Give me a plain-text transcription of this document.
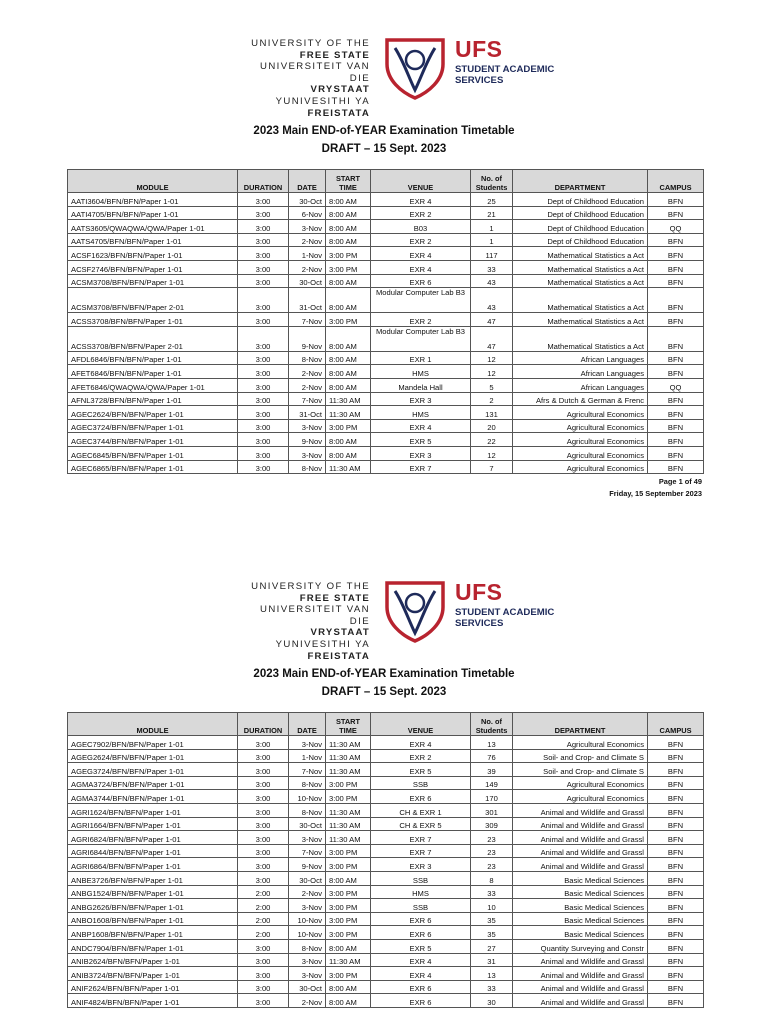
UNIVERSITY OF THE
FREE STATE
UNIVERSITEIT VAN DIE
VRYSTAAT
YUNIVESITHI YA
FREISTATA
UFS
STUDENT ACADEMIC
SERVICES
2023 Main END-of-YEAR Examination Timetable
DRAFT – 15 Sept. 2023
MODULE	DURATION	DATE	START
TIME	VENUE	No. of
Students	DEPARTMENT	CAMPUS
AATI3604/BFN/BFN/Paper 1-01	3:00	30-Oct	8:00 AM	EXR 4	25	Dept of Childhood Education	BFN
AATI4705/BFN/BFN/Paper 1-01	3:00	6-Nov	8:00 AM	EXR 2	21	Dept of Childhood Education	BFN
AATS3605/QWAQWA/QWA/Paper 1-01	3:00	3-Nov	8:00 AM	B03	1	Dept of Childhood Education	QQ
AATS4705/BFN/BFN/Paper 1-01	3:00	2-Nov	8:00 AM	EXR 2	1	Dept of Childhood Education	BFN
ACSF1623/BFN/BFN/Paper 1-01	3:00	1-Nov	3:00 PM	EXR 4	117	Mathematical Statistics a Act	BFN
ACSF2746/BFN/BFN/Paper 1-01	3:00	2-Nov	3:00 PM	EXR 4	33	Mathematical Statistics a Act	BFN
ACSM3708/BFN/BFN/Paper 1-01	3:00	30-Oct	8:00 AM	EXR 6	43	Mathematical Statistics a Act	BFN
ACSM3708/BFN/BFN/Paper 2-01	3:00	31-Oct	8:00 AM	Modular Computer Lab B3	43	Mathematical Statistics a Act	BFN
ACSS3708/BFN/BFN/Paper 1-01	3:00	7-Nov	3:00 PM	EXR 2	47	Mathematical Statistics a Act	BFN
ACSS3708/BFN/BFN/Paper 2-01	3:00	9-Nov	8:00 AM	Modular Computer Lab B3	47	Mathematical Statistics a Act	BFN
AFDL6846/BFN/BFN/Paper 1-01	3:00	8-Nov	8:00 AM	EXR 1	12	African Languages	BFN
AFET6846/BFN/BFN/Paper 1-01	3:00	2-Nov	8:00 AM	HMS	12	African Languages	BFN
AFET6846/QWAQWA/QWA/Paper 1-01	3:00	2-Nov	8:00 AM	Mandela Hall	5	African Languages	QQ
AFNL3728/BFN/BFN/Paper 1-01	3:00	7-Nov	11:30 AM	EXR 3	2	Afrs & Dutch & German & Frenc	BFN
AGEC2624/BFN/BFN/Paper 1-01	3:00	31-Oct	11:30 AM	HMS	131	Agricultural Economics	BFN
AGEC3724/BFN/BFN/Paper 1-01	3:00	3-Nov	3:00 PM	EXR 4	20	Agricultural Economics	BFN
AGEC3744/BFN/BFN/Paper 1-01	3:00	9-Nov	8:00 AM	EXR 5	22	Agricultural Economics	BFN
AGEC6845/BFN/BFN/Paper 1-01	3:00	3-Nov	8:00 AM	EXR 3	12	Agricultural Economics	BFN
AGEC6865/BFN/BFN/Paper 1-01	3:00	8-Nov	11:30 AM	EXR 7	7	Agricultural Economics	BFN
Page 1 of 49
Friday, 15 September 2023
UNIVERSITY OF THE
FREE STATE
UNIVERSITEIT VAN DIE
VRYSTAAT
YUNIVESITHI YA
FREISTATA
UFS
STUDENT ACADEMIC
SERVICES
2023 Main END-of-YEAR Examination Timetable
DRAFT – 15 Sept. 2023
MODULE	DURATION	DATE	START
TIME	VENUE	No. of
Students	DEPARTMENT	CAMPUS
AGEC7902/BFN/BFN/Paper 1-01	3:00	3-Nov	11:30 AM	EXR 4	13	Agricultural Economics	BFN
AGEG2624/BFN/BFN/Paper 1-01	3:00	1-Nov	11:30 AM	EXR 2	76	Soil- and Crop- and Climate S	BFN
AGEG3724/BFN/BFN/Paper 1-01	3:00	7-Nov	11:30 AM	EXR 5	39	Soil- and Crop- and Climate S	BFN
AGMA3724/BFN/BFN/Paper 1-01	3:00	8-Nov	3:00 PM	SSB	149	Agricultural Economics	BFN
AGMA3744/BFN/BFN/Paper 1-01	3:00	10-Nov	3:00 PM	EXR 6	170	Agricultural Economics	BFN
AGRI1624/BFN/BFN/Paper 1-01	3:00	8-Nov	11:30 AM	CH & EXR 1	301	Animal and Wildlife and Grassl	BFN
AGRI1664/BFN/BFN/Paper 1-01	3:00	30-Oct	11:30 AM	CH & EXR 5	309	Animal and Wildlife and Grassl	BFN
AGRI6824/BFN/BFN/Paper 1-01	3:00	3-Nov	11:30 AM	EXR 7	23	Animal and Wildlife and Grassl	BFN
AGRI6844/BFN/BFN/Paper 1-01	3:00	7-Nov	3:00 PM	EXR 7	23	Animal and Wildlife and Grassl	BFN
AGRI6864/BFN/BFN/Paper 1-01	3:00	9-Nov	3:00 PM	EXR 3	23	Animal and Wildlife and Grassl	BFN
ANBE3726/BFN/BFN/Paper 1-01	3:00	30-Oct	8:00 AM	SSB	8	Basic Medical Sciences	BFN
ANBG1524/BFN/BFN/Paper 1-01	2:00	2-Nov	3:00 PM	HMS	33	Basic Medical Sciences	BFN
ANBG2626/BFN/BFN/Paper 1-01	2:00	3-Nov	3:00 PM	SSB	10	Basic Medical Sciences	BFN
ANBO1608/BFN/BFN/Paper 1-01	2:00	10-Nov	3:00 PM	EXR 6	35	Basic Medical Sciences	BFN
ANBP1608/BFN/BFN/Paper 1-01	2:00	10-Nov	3:00 PM	EXR 6	35	Basic Medical Sciences	BFN
ANDC7904/BFN/BFN/Paper 1-01	3:00	8-Nov	8:00 AM	EXR 5	27	Quantity Surveying and Constr	BFN
ANIB2624/BFN/BFN/Paper 1-01	3:00	3-Nov	11:30 AM	EXR 4	31	Animal and Wildlife and Grassl	BFN
ANIB3724/BFN/BFN/Paper 1-01	3:00	3-Nov	3:00 PM	EXR 4	13	Animal and Wildlife and Grassl	BFN
ANIF2624/BFN/BFN/Paper 1-01	3:00	30-Oct	8:00 AM	EXR 6	33	Animal and Wildlife and Grassl	BFN
ANIF4824/BFN/BFN/Paper 1-01	3:00	2-Nov	8:00 AM	EXR 6	30	Animal and Wildlife and Grassl	BFN
